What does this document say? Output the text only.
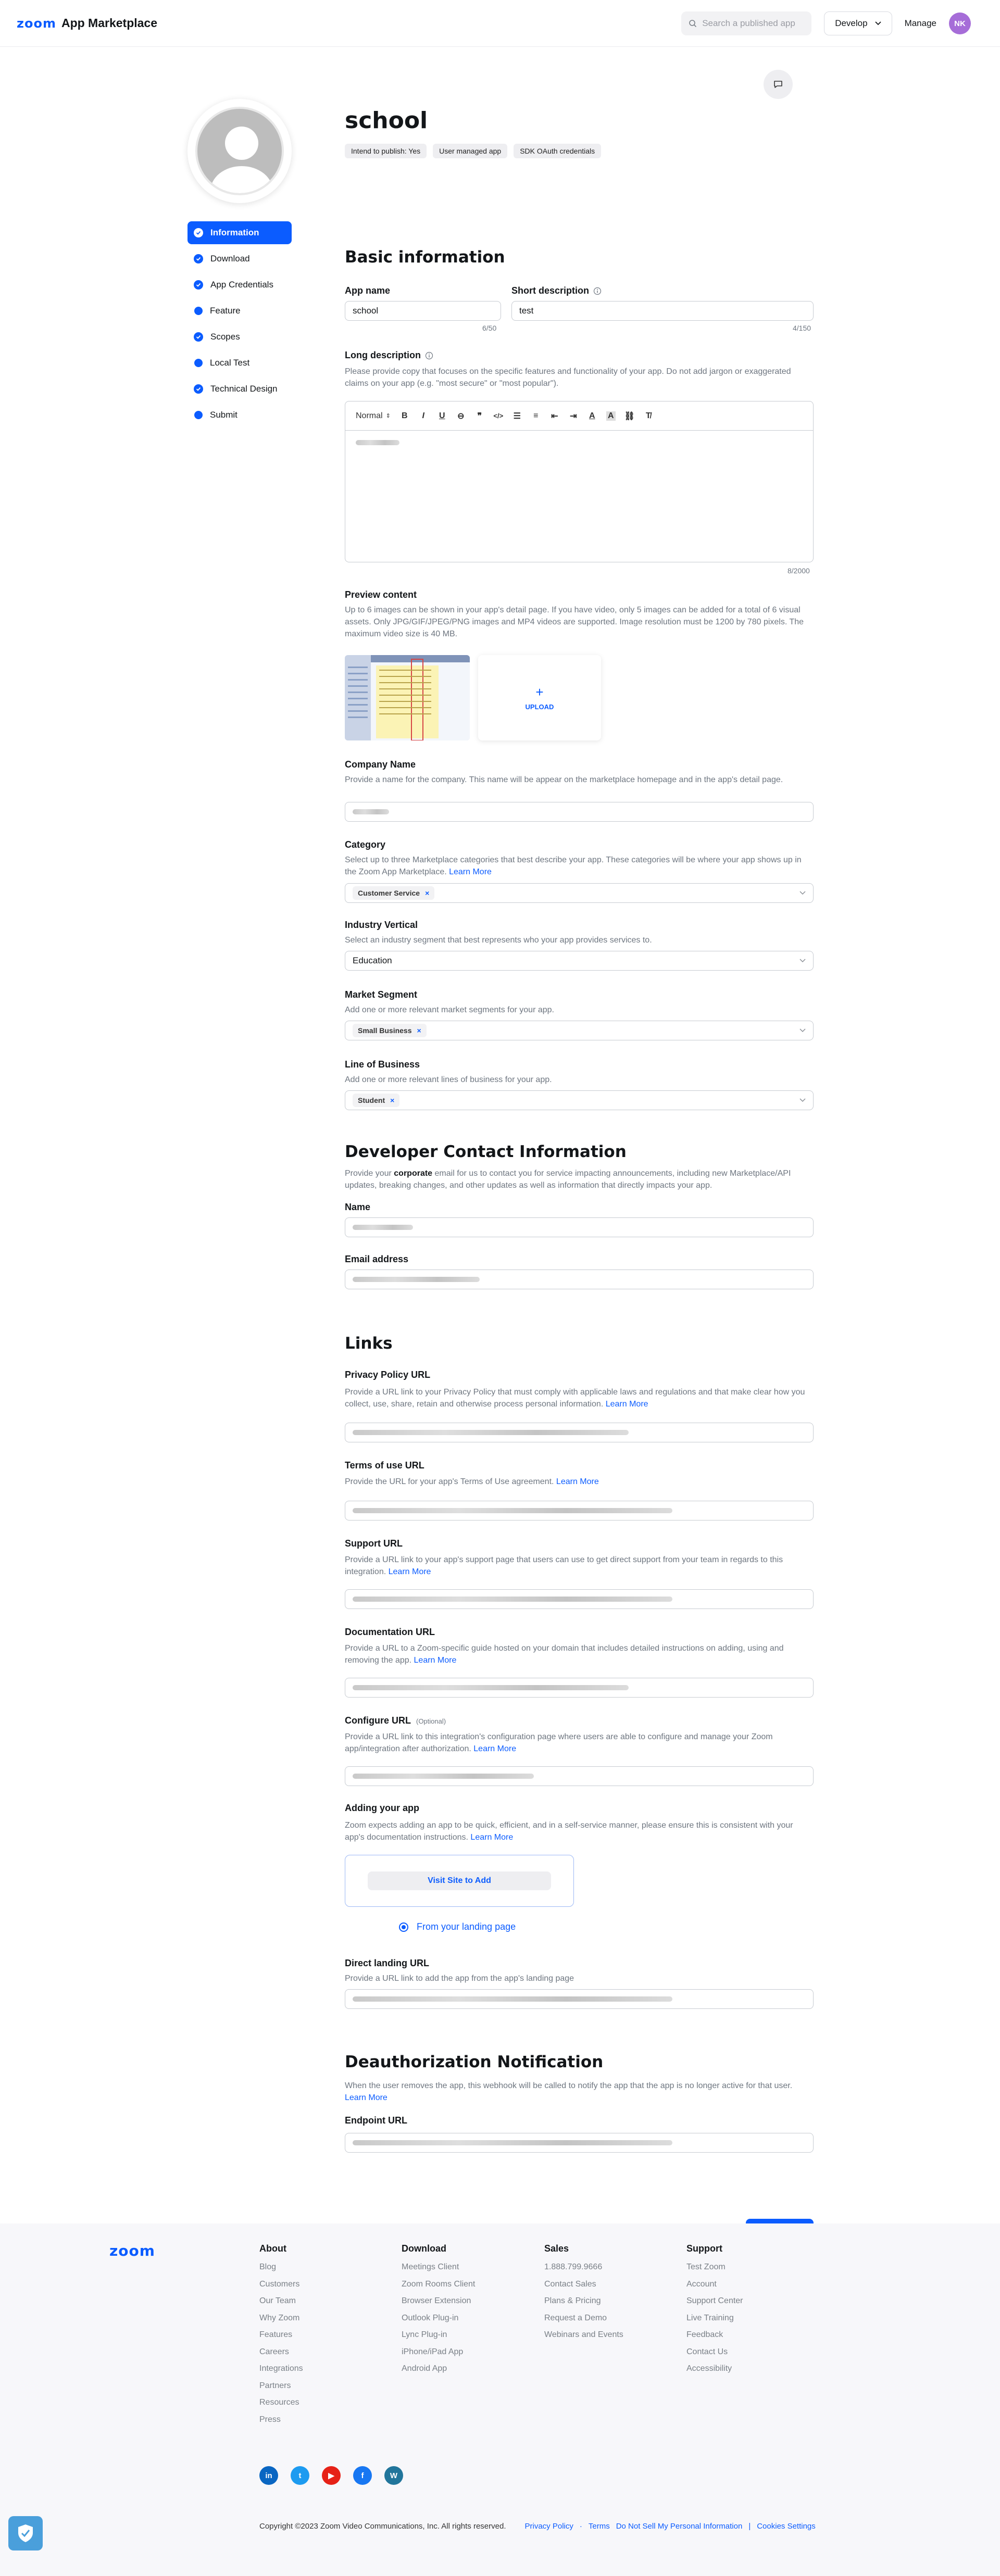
zoom App Marketplace	Search a published app	Develop	Manage	NK
Information
Download
App Credentials
Feature
Scopes
Local Test
Technical Design
Submit
school
Intend to publish: Yes	User managed app	SDK OAuth credentials
Basic information
App name
school
6/50
Short description
test
4/150
Long description
Please provide copy that focuses on the specific features and functionality of your app. Do not add jargon or exaggerated claims on your app (e.g. "most secure" or "most popular").
Normal ⇕ B	I	U ⊖ ❞	</> ☰ ≡ ⇤ ⇥ A A ⛓ T̸
8/2000
Preview content
Up to 6 images can be shown in your app's detail page. If you have video, only 5 images can be added for a total of 6 visual assets. Only JPG/GIF/JPEG/PNG images and MP4 videos are supported. Image resolution must be 1200 by 780 pixels. The maximum video size is 40 MB.
+
UPLOAD
Company Name
Provide a name for the company. This name will be appear on the marketplace homepage and in the app's detail page.
Category
Select up to three Marketplace categories that best describe your app. These categories will be where your app shows up in the Zoom App Marketplace. Learn More
Customer Service ×
Industry Vertical
Select an industry segment that best represents who your app provides services to.
Education
Market Segment
Add one or more relevant market segments for your app.
Small Business ×
Line of Business
Add one or more relevant lines of business for your app.
Student ×
Developer Contact Information
Provide your corporate email for us to contact you for service impacting announcements, including new Marketplace/API updates, breaking changes, and other updates as well as information that directly impacts your app.
Name
Email address
Links
Privacy Policy URL
Provide a URL link to your Privacy Policy that must comply with applicable laws and regulations and that make clear how you collect, use, share, retain and otherwise process personal information. Learn More
Terms of use URL
Provide the URL for your app's Terms of Use agreement. Learn More
Support URL
Provide a URL link to your app's support page that users can use to get direct support from your team in regards to this integration. Learn More
Documentation URL
Provide a URL to a Zoom-specific guide hosted on your domain that includes detailed instructions on adding, using and removing the app. Learn More
Configure URL (Optional)
Provide a URL link to this integration's configuration page where users are able to configure and manage your Zoom app/integration after authorization. Learn More
Adding your app
Zoom expects adding an app to be quick, efficient, and in a self-service manner, please ensure this is consistent with your app's documentation instructions. Learn More
Visit Site to Add
From your landing page
Direct landing URL
Provide a URL link to add the app from the app's landing page
Deauthorization Notification
When the user removes the app, this webhook will be called to notify the app that the app is no longer active for that user. Learn More
Endpoint URL
zoom	About
Blog
Customers
Our Team
Why Zoom
Features
Careers
Integrations
Partners
Resources
Press
Download
Meetings Client
Zoom Rooms Client
Browser Extension
Outlook Plug-in
Lync Plug-in
iPhone/iPad App
Android App
Sales
1.888.799.9666
Contact Sales
Plans & Pricing
Request a Demo
Webinars and Events
Support
Test Zoom
Account
Support Center
Live Training
Feedback
Contact Us
Accessibility
in	t	▶	f	W
Copyright ©2023 Zoom Video Communications, Inc. All rights reserved. Privacy Policy · Terms Do Not Sell My Personal Information | Cookies Settings
